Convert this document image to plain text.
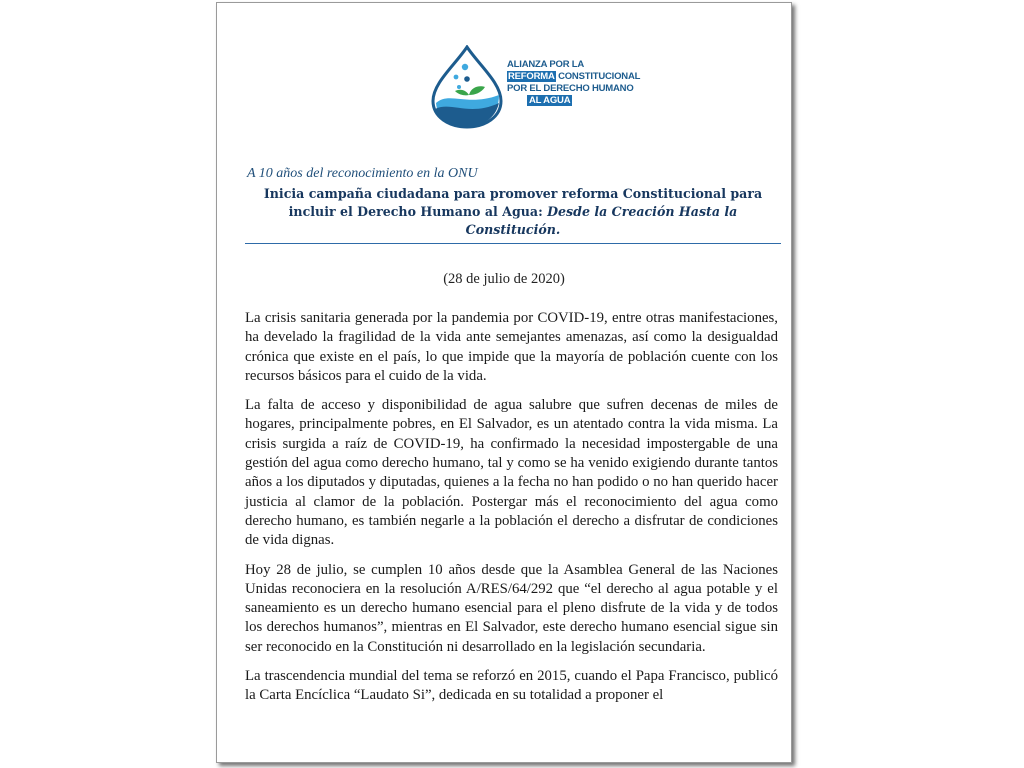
ALIANZA POR LA
REFORMA CONSTITUCIONAL
POR EL DERECHO HUMANO
AL AGUA
A 10 años del reconocimiento en la ONU
Inicia campaña ciudadana para promover reforma Constitucional para incluir el Derecho Humano al Agua: Desde la Creación Hasta la Constitución.
(28 de julio de 2020)

La crisis sanitaria generada por la pandemia por COVID-19, entre otras manifestaciones, ha develado la fragilidad de la vida ante semejantes amenazas, así como la desigualdad crónica que existe en el país, lo que impide que la mayoría de población cuente con los recursos básicos para el cuido de la vida.

La falta de acceso y disponibilidad de agua salubre que sufren decenas de miles de hogares, principalmente pobres, en El Salvador, es un atentado contra la vida misma. La crisis surgida a raíz de COVID-19, ha confirmado la necesidad impostergable de una gestión del agua como derecho humano, tal y como se ha venido exigiendo durante tantos años a los diputados y diputadas, quienes a la fecha no han podido o no han querido hacer justicia al clamor de la población. Postergar más el reconocimiento del agua como derecho humano, es también negarle a la población el derecho a disfrutar de condiciones de vida dignas.

Hoy 28 de julio, se cumplen 10 años desde que la Asamblea General de las Naciones Unidas reconociera en la resolución A/RES/64/292 que “el derecho al agua potable y el saneamiento es un derecho humano esencial para el pleno disfrute de la vida y de todos los derechos humanos”, mientras en El Salvador, este derecho humano esencial sigue sin ser reconocido en la Constitución ni desarrollado en la legislación secundaria.

La trascendencia mundial del tema se reforzó en 2015, cuando el Papa Francisco, publicó la Carta Encíclica “Laudato Si”, dedicada en su totalidad a proponer el
